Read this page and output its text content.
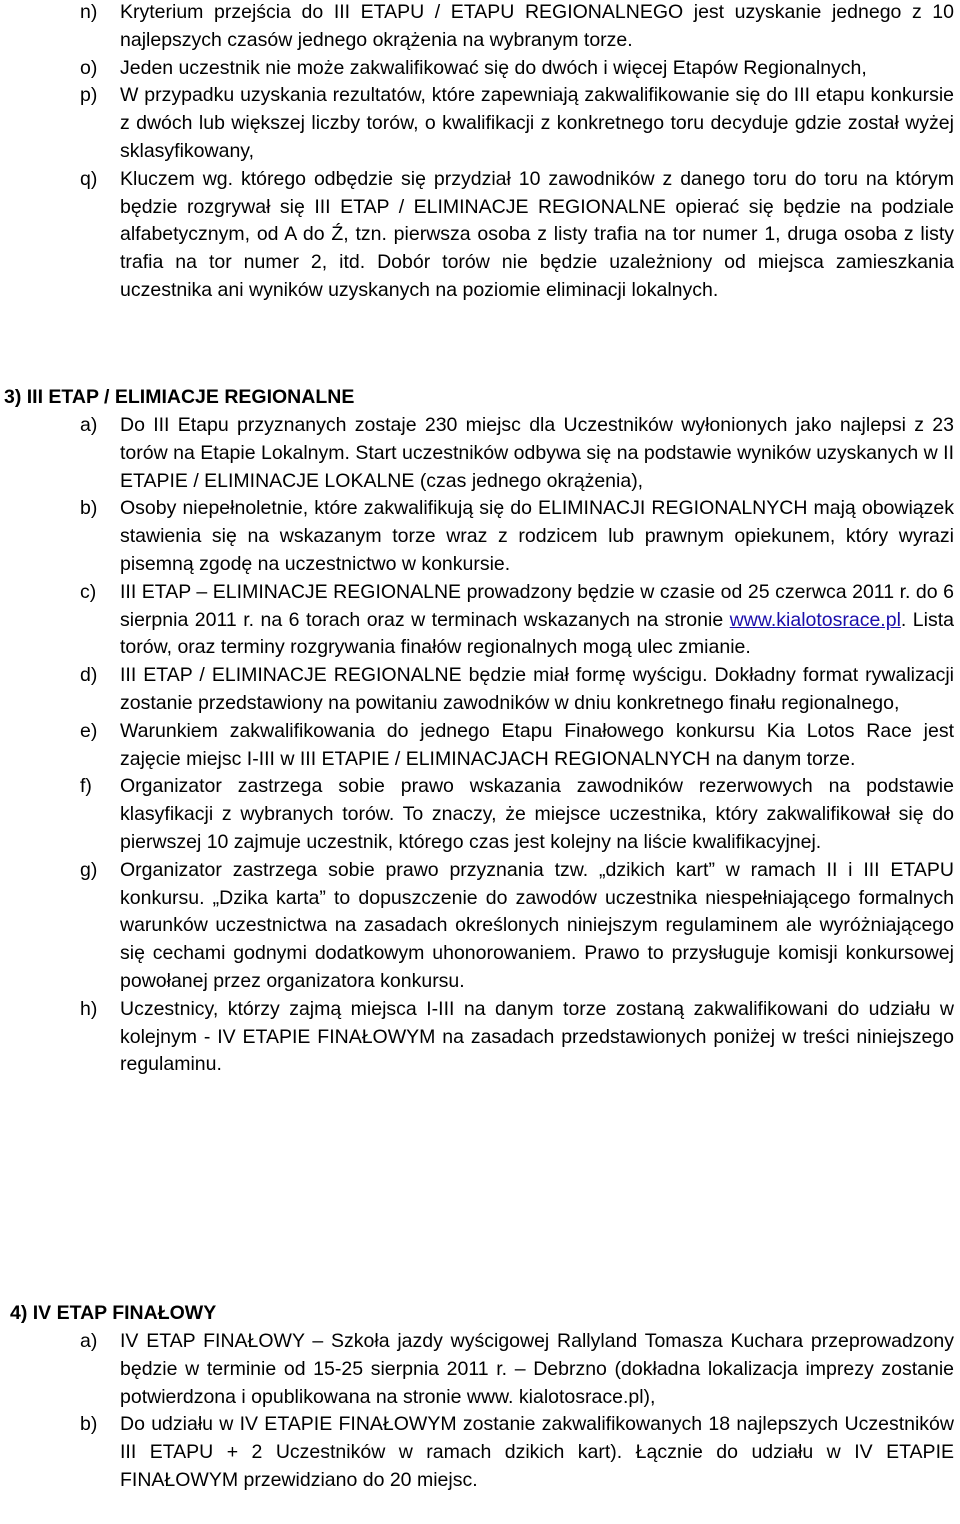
n)	Kryterium przejścia do III ETAPU / ETAPU REGIONALNEGO jest uzyskanie jednego z 10 najlepszych czasów jednego okrążenia na wybranym torze.
o)	Jeden uczestnik nie może zakwalifikować się do dwóch i więcej Etapów Regionalnych,
p)	W przypadku uzyskania rezultatów, które zapewniają zakwalifikowanie się do III etapu konkursie z dwóch lub większej liczby torów, o kwalifikacji z konkretnego toru decyduje gdzie został wyżej sklasyfikowany,
q)	Kluczem wg. którego odbędzie się przydział 10 zawodników z danego toru do toru na którym będzie rozgrywał się III ETAP / ELIMINACJE REGIONALNE opierać się będzie na podziale alfabetycznym, od A do Ź, tzn. pierwsza osoba z listy trafia na tor numer 1, druga osoba z listy trafia na tor numer 2, itd. Dobór torów nie będzie uzależniony od miejsca zamieszkania uczestnika ani wyników uzyskanych na poziomie eliminacji lokalnych.
3) III ETAP / ELIMIACJE REGIONALNE
a)	Do III Etapu przyznanych zostaje 230 miejsc dla Uczestników wyłonionych jako najlepsi z 23 torów na Etapie Lokalnym. Start uczestników odbywa się na podstawie wyników uzyskanych w II ETAPIE / ELIMINACJE LOKALNE (czas jednego okrążenia),
b)	Osoby niepełnoletnie, które zakwalifikują się do ELIMINACJI REGIONALNYCH mają obowiązek stawienia się na wskazanym torze wraz z rodzicem lub prawnym opiekunem, który wyrazi pisemną zgodę na uczestnictwo w konkursie.
c)	III ETAP – ELIMINACJE REGIONALNE prowadzony będzie w czasie od 25 czerwca 2011 r. do 6 sierpnia 2011 r. na 6 torach oraz w terminach wskazanych na stronie www.kialotosrace.pl. Lista torów, oraz terminy rozgrywania finałów regionalnych mogą ulec zmianie.
d)	III ETAP / ELIMINACJE REGIONALNE będzie miał formę wyścigu. Dokładny format rywalizacji zostanie przedstawiony na powitaniu zawodników w dniu konkretnego finału regionalnego,
e)	Warunkiem zakwalifikowania do jednego Etapu Finałowego konkursu Kia Lotos Race jest zajęcie miejsc I-III w III ETAPIE / ELIMINACJACH REGIONALNYCH na danym torze.
f)	Organizator zastrzega sobie prawo wskazania zawodników rezerwowych na podstawie klasyfikacji z wybranych torów. To znaczy, że miejsce uczestnika, który zakwalifikował się do pierwszej 10 zajmuje uczestnik, którego czas jest kolejny na liście kwalifikacyjnej.
g)	Organizator zastrzega sobie prawo przyznania tzw. „dzikich kart” w ramach II i III ETAPU konkursu. „Dzika karta” to dopuszczenie do zawodów uczestnika niespełniającego formalnych warunków uczestnictwa na zasadach określonych niniejszym regulaminem ale wyróżniającego się cechami godnymi dodatkowym uhonorowaniem. Prawo to przysługuje komisji konkursowej powołanej przez organizatora konkursu.
h)	Uczestnicy, którzy zajmą miejsca I-III na danym torze zostaną zakwalifikowani do udziału w kolejnym - IV ETAPIE FINAŁOWYM na zasadach przedstawionych poniżej w treści niniejszego regulaminu.
4) IV ETAP FINAŁOWY
a)	IV ETAP FINAŁOWY – Szkoła jazdy wyścigowej Rallyland Tomasza Kuchara przeprowadzony będzie w terminie od 15-25 sierpnia 2011 r. – Debrzno (dokładna lokalizacja imprezy zostanie potwierdzona i opublikowana na stronie www. kialotosrace.pl),
b)	Do udziału w IV ETAPIE FINAŁOWYM zostanie zakwalifikowanych 18 najlepszych Uczestników III ETAPU + 2 Uczestników w ramach dzikich kart). Łącznie do udziału w IV ETAPIE FINAŁOWYM przewidziano do 20 miejsc.
